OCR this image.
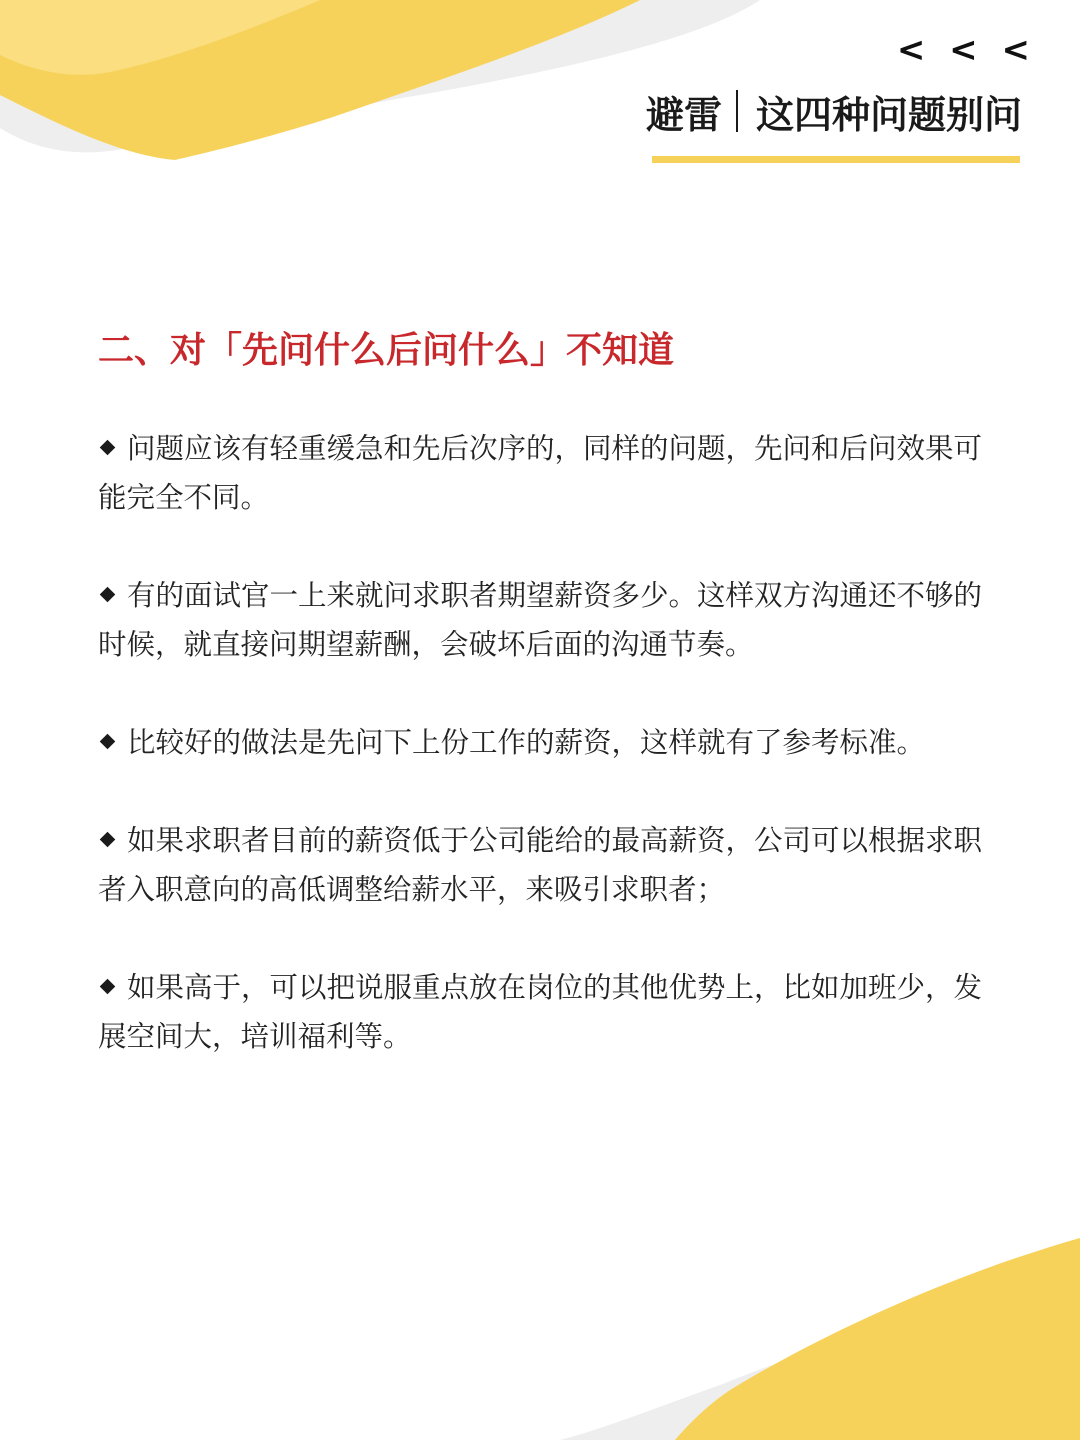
< < <
避雷 这四种问题别问
二、对「先问什么后问什么」不知道

问题应该有轻重缓急和先后次序的，同样的问题，先问和后问效果可能完全不同。

有的面试官一上来就问求职者期望薪资多少。这样双方沟通还不够的时候，就直接问期望薪酬，会破坏后面的沟通节奏。

比较好的做法是先问下上份工作的薪资，这样就有了参考标准。

如果求职者目前的薪资低于公司能给的最高薪资，公司可以根据求职者入职意向的高低调整给薪水平，来吸引求职者；

如果高于，可以把说服重点放在岗位的其他优势上，比如加班少，发展空间大，培训福利等。
